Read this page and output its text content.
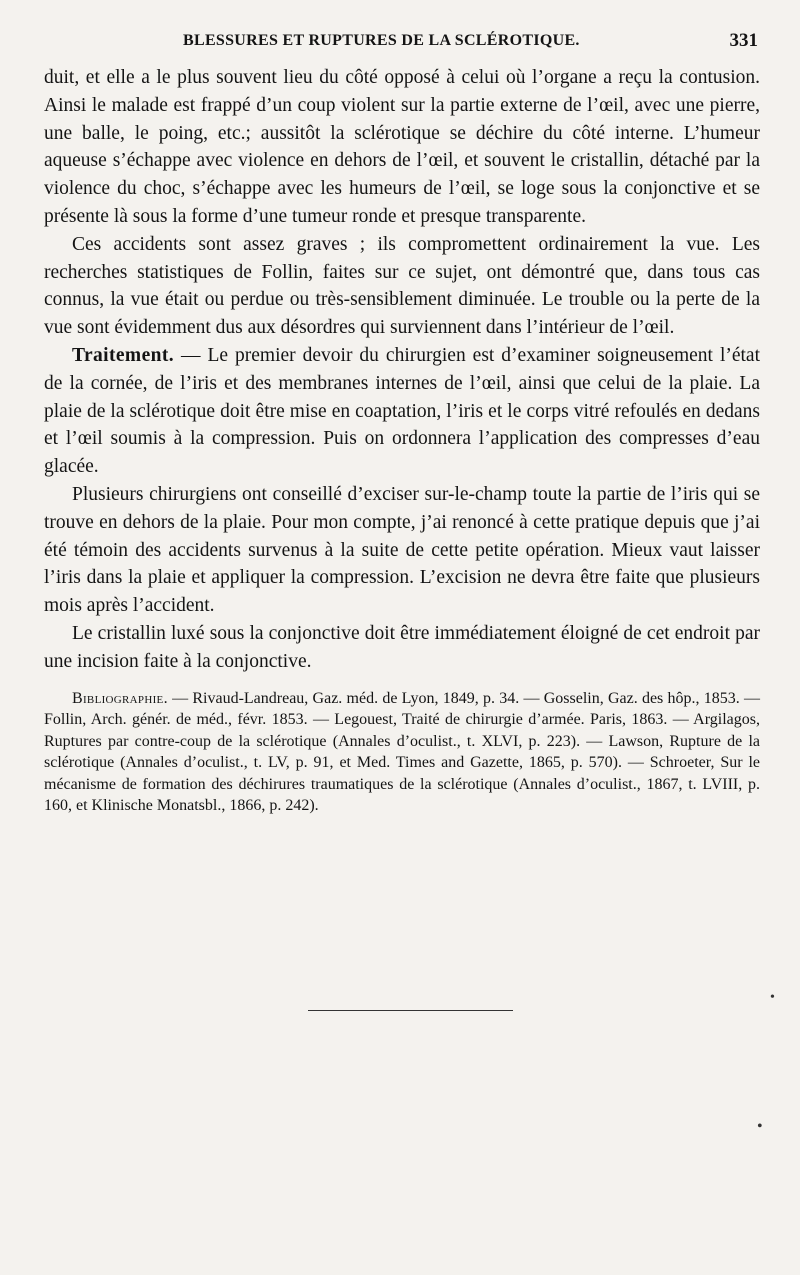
BLESSURES ET RUPTURES DE LA SCLÉROTIQUE.	331

duit, et elle a le plus souvent lieu du côté opposé à celui où l’organe a reçu la contusion. Ainsi le malade est frappé d’un coup violent sur la partie externe de l’œil, avec une pierre, une balle, le poing, etc.; aussitôt la sclérotique se déchire du côté interne. L’humeur aqueuse s’échappe avec violence en dehors de l’œil, et souvent le cristallin, détaché par la violence du choc, s’échappe avec les humeurs de l’œil, se loge sous la conjonctive et se présente là sous la forme d’une tumeur ronde et presque transparente.

Ces accidents sont assez graves ; ils compromettent ordinairement la vue. Les recherches statistiques de Follin, faites sur ce sujet, ont démontré que, dans tous cas connus, la vue était ou perdue ou très-sensiblement diminuée. Le trouble ou la perte de la vue sont évidemment dus aux désordres qui surviennent dans l’intérieur de l’œil.

Traitement. — Le premier devoir du chirurgien est d’examiner soigneusement l’état de la cornée, de l’iris et des membranes internes de l’œil, ainsi que celui de la plaie. La plaie de la sclérotique doit être mise en coaptation, l’iris et le corps vitré refoulés en dedans et l’œil soumis à la compression. Puis on ordonnera l’application des compresses d’eau glacée.

Plusieurs chirurgiens ont conseillé d’exciser sur-le-champ toute la partie de l’iris qui se trouve en dehors de la plaie. Pour mon compte, j’ai renoncé à cette pratique depuis que j’ai été témoin des accidents survenus à la suite de cette petite opération. Mieux vaut laisser l’iris dans la plaie et appliquer la compression. L’excision ne devra être faite que plusieurs mois après l’accident.

Le cristallin luxé sous la conjonctive doit être immédiatement éloigné de cet endroit par une incision faite à la conjonctive.

Bibliographie. — Rivaud-Landreau, Gaz. méd. de Lyon, 1849, p. 34. — Gosselin, Gaz. des hôp., 1853. — Follin, Arch. génér. de méd., févr. 1853. — Legouest, Traité de chirurgie d’armée. Paris, 1863. — Argilagos, Ruptures par contre-coup de la sclérotique (Annales d’oculist., t. XLVI, p. 223). — Lawson, Rupture de la sclérotique (Annales d’oculist., t. LV, p. 91, et Med. Times and Gazette, 1865, p. 570). — Schroeter, Sur le mécanisme de formation des déchirures traumatiques de la sclérotique (Annales d’oculist., 1867, t. LVIII, p. 160, et Klinische Monatsbl., 1866, p. 242).

•
•
